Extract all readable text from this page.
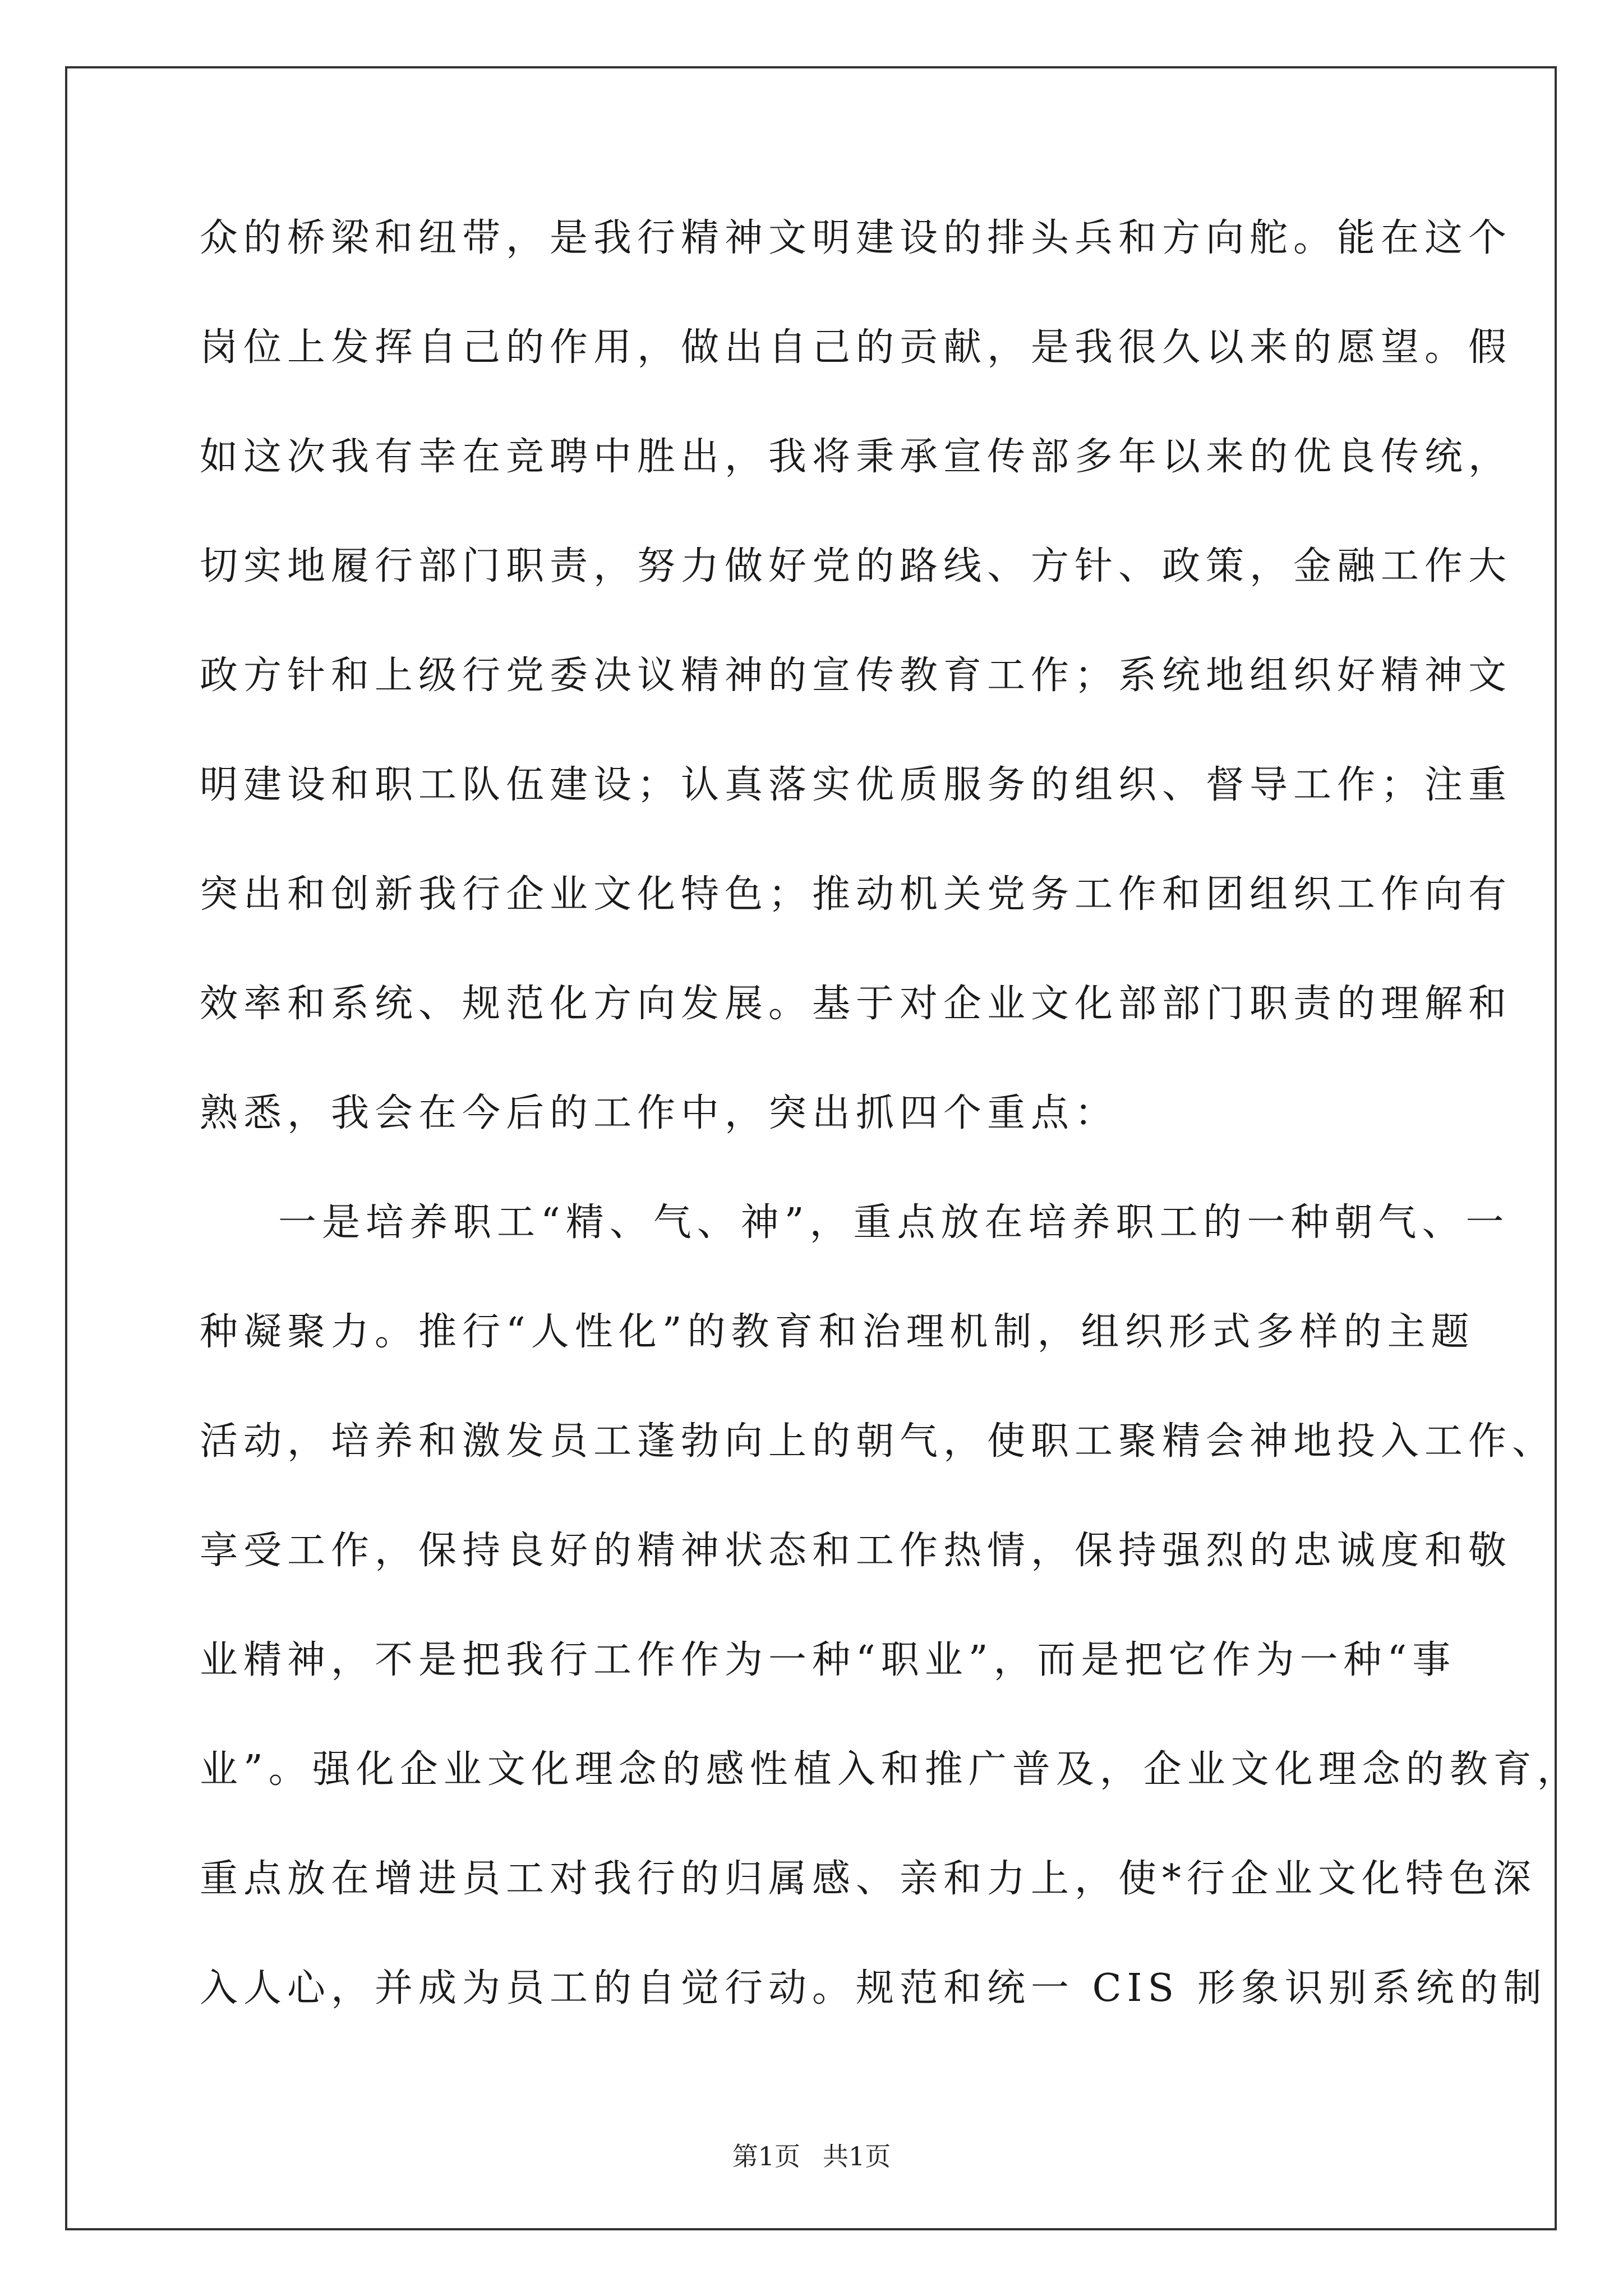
众的桥梁和纽带，是我行精神文明建设的排头兵和方向舵。能在这个
岗位上发挥自己的作用，做出自己的贡献，是我很久以来的愿望。假
如这次我有幸在竞聘中胜出，我将秉承宣传部多年以来的优良传统，
切实地履行部门职责，努力做好党的路线、方针、政策，金融工作大
政方针和上级行党委决议精神的宣传教育工作；系统地组织好精神文
明建设和职工队伍建设；认真落实优质服务的组织、督导工作；注重
突出和创新我行企业文化特色；推动机关党务工作和团组织工作向有
效率和系统、规范化方向发展。基于对企业文化部部门职责的理解和
熟悉，我会在今后的工作中，突出抓四个重点：
一是培养职工“精、气、神”，重点放在培养职工的一种朝气、一
种凝聚力。推行“人性化”的教育和治理机制，组织形式多样的主题
活动，培养和激发员工蓬勃向上的朝气，使职工聚精会神地投入工作、
享受工作，保持良好的精神状态和工作热情，保持强烈的忠诚度和敬
业精神，不是把我行工作作为一种“职业”，而是把它作为一种“事
业”。强化企业文化理念的感性植入和推广普及，企业文化理念的教育，
重点放在增进员工对我行的归属感、亲和力上，使*行企业文化特色深
入人心，并成为员工的自觉行动。规范和统一 CIS 形象识别系统的制
第1页 共1页
